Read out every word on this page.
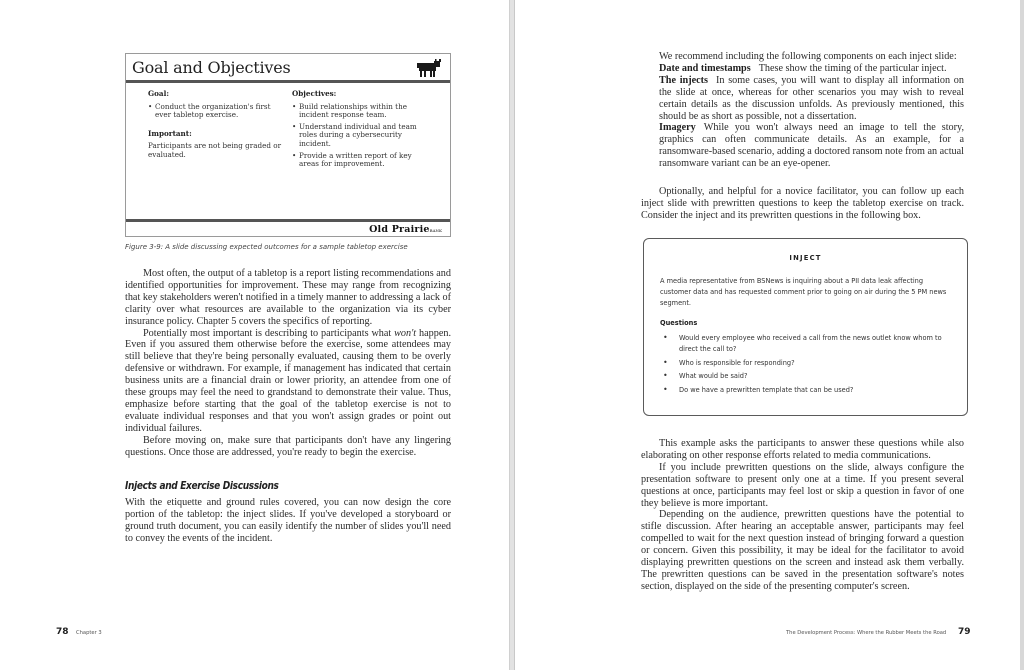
Goal and Objectives
Goal:
• Conduct the organization's first ever tabletop exercise.
Important:
Participants are not being graded or evaluated.
Objectives:
• Build relationships within the incident response team.
• Understand individual and team roles during a cybersecurity incident.
• Provide a written report of key areas for improvement.
Old PrairieBANK
Figure 3-9: A slide discussing expected outcomes for a sample tabletop exercise

Most often, the output of a tabletop is a report listing recommendations and identified opportunities for improvement. These may range from recognizing that key stakeholders weren't notified in a timely manner to addressing a lack of clarity over what resources are available to the organization via its cyber insurance policy. Chapter 5 covers the specifics of reporting.

Potentially most important is describing to participants what won't happen. Even if you assured them otherwise before the exercise, some attendees may still believe that they're being personally evaluated, causing them to be overly defensive or withdrawn. For example, if management has indicated that certain business units are a financial drain or lower priority, an attendee from one of these groups may feel the need to grandstand to demonstrate their value. Thus, emphasize before starting that the goal of the tabletop exercise is not to evaluate individual responses and that you won't assign grades or point out individual failures.

Before moving on, make sure that participants don't have any lingering questions. Once those are addressed, you're ready to begin the exercise.

Injects and Exercise Discussions

With the etiquette and ground rules covered, you can now design the core portion of the tabletop: the inject slides. If you've developed a storyboard or ground truth document, you can easily identify the number of slides you'll need to convey the events of the incident.

78 Chapter 3

We recommend including the following components on each inject slide:

Date and timestamps These show the timing of the particular inject.

The injects In some cases, you will want to display all information on the slide at once, whereas for other scenarios you may wish to reveal certain details as the discussion unfolds. As previously mentioned, this should be as short as possible, not a dissertation.

Imagery While you won't always need an image to tell the story, graphics can often communicate details. As an example, for a ransomware-based scenario, adding a doctored ransom note from an actual ransomware variant can be an eye-opener.

Optionally, and helpful for a novice facilitator, you can follow up each inject slide with prewritten questions to keep the tabletop exercise on track. Consider the inject and its prewritten questions in the following box.

INJECT
A media representative from BSNews is inquiring about a PII data leak affecting customer data and has requested comment prior to going on air during the 5 PM news segment.
Questions
• Would every employee who received a call from the news outlet know whom to direct the call to?
• Who is responsible for responding?
• What would be said?
• Do we have a prewritten template that can be used?

This example asks the participants to answer these questions while also elaborating on other response efforts related to media communications.

If you include prewritten questions on the slide, always configure the presentation software to present only one at a time. If you present several questions at once, participants may feel lost or skip a question in favor of one they believe is more important.

Depending on the audience, prewritten questions have the potential to stifle discussion. After hearing an acceptable answer, participants may feel compelled to wait for the next question instead of bringing forward a question or concern. Given this possibility, it may be ideal for the facilitator to avoid displaying prewritten questions on the screen and instead ask them verbally. The prewritten questions can be saved in the presentation software's notes section, displayed on the side of the presenting computer's screen.

The Development Process: Where the Rubber Meets the Road 79
